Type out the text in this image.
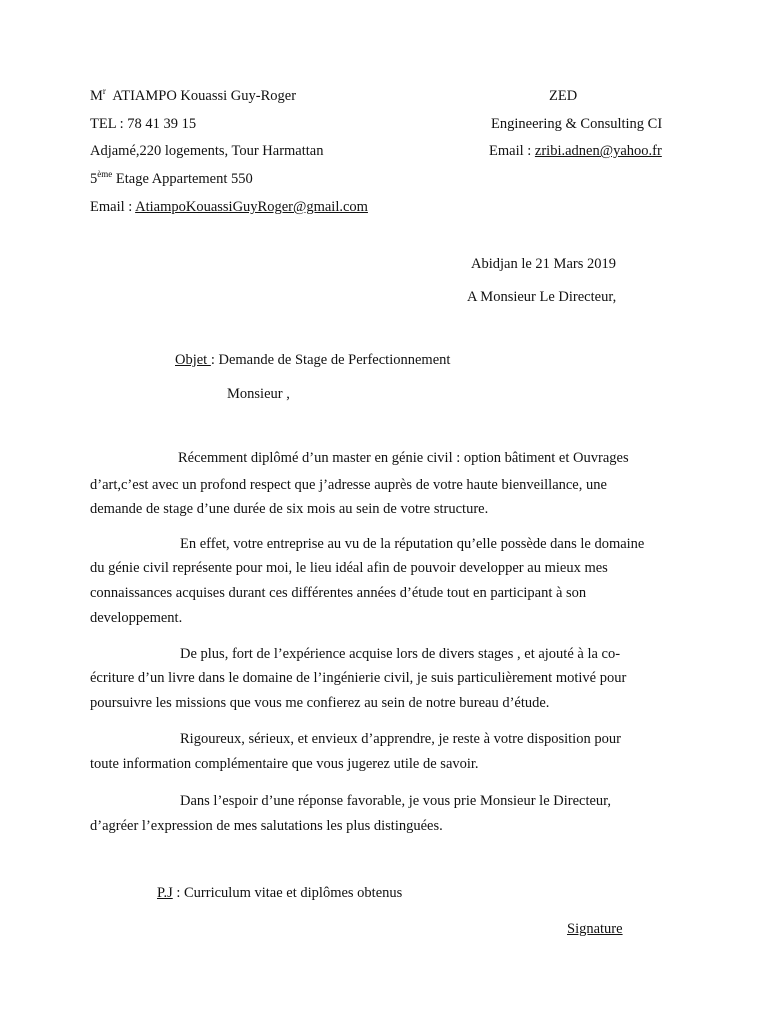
$M^r$ ATIAMPO Kouassi Guy-Roger
TEL : 78 41 39 15
Adjamé,220 logements, Tour Harmattan
5ème Etage Appartement 550
Email : AtiampoKouassiGuyRoger@gmail.com
ZED
Engineering & Consulting CI
Email : zribi.adnen@yahoo.fr
Abidjan le 21 Mars 2019
A Monsieur Le Directeur,
Objet : Demande de Stage de Perfectionnement
Monsieur ,
Récemment diplômé d’un master en génie civil : option bâtiment et Ouvrages
d’art,c’est avec un profond respect que j’adresse auprès de votre haute bienveillance, une
demande de stage d’une durée de six mois au sein de votre structure.
En effet, votre entreprise au vu de la réputation qu’elle possède dans le domaine
du génie civil représente pour moi, le lieu idéal afin de pouvoir developper au mieux mes
connaissances acquises durant ces différentes années d’étude tout en participant à son
developpement.
De plus, fort de l’expérience acquise lors de divers stages , et ajouté à la co-
écriture d’un livre dans le domaine de l’ingénierie civil, je suis particulièrement motivé pour
poursuivre les missions que vous me confierez au sein de notre bureau d’étude.
Rigoureux, sérieux, et envieux d’apprendre, je reste à votre disposition pour
toute information complémentaire que vous jugerez utile de savoir.
Dans l’espoir d’une réponse favorable, je vous prie Monsieur le Directeur,
d’agréer l’expression de mes salutations les plus distinguées.
P.J : Curriculum vitae et diplômes obtenus
Signature
